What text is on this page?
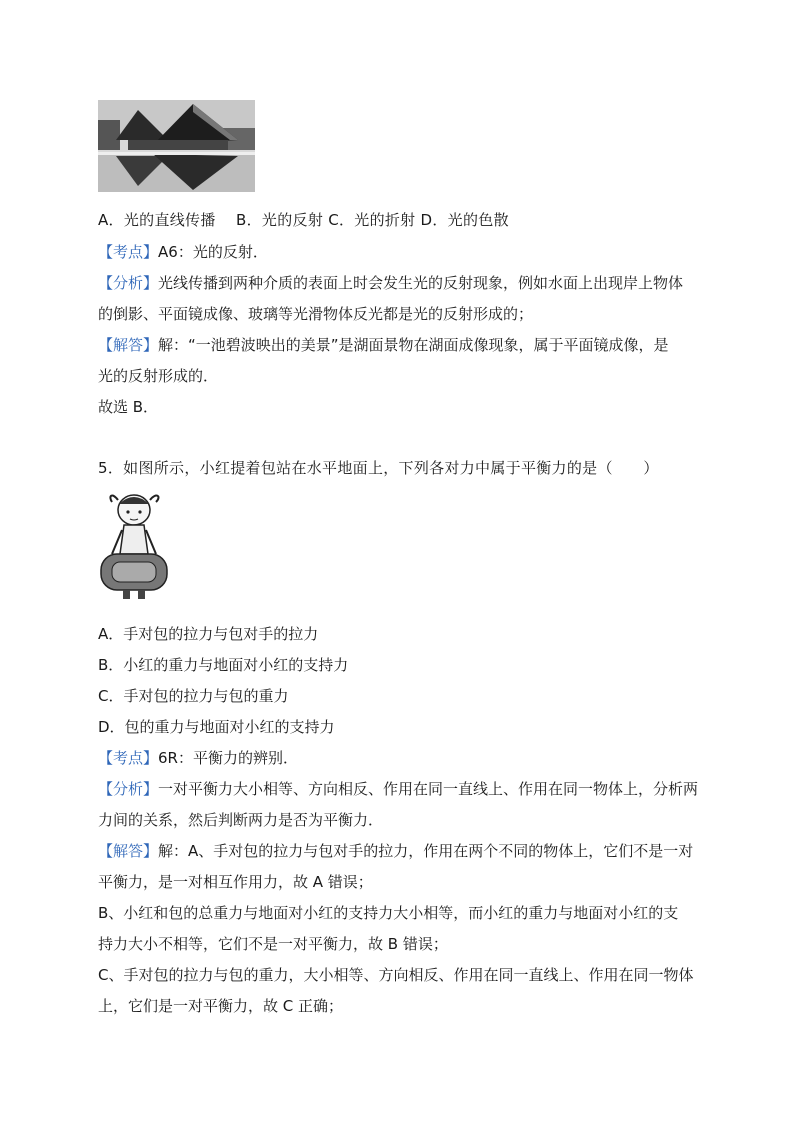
A．光的直线传播　 B．光的反射 C．光的折射 D．光的色散
【考点】A6：光的反射．
【分析】光线传播到两种介质的表面上时会发生光的反射现象，例如水面上出现岸上物体
的倒影、平面镜成像、玻璃等光滑物体反光都是光的反射形成的；
【解答】解：“一池碧波映出的美景”是湖面景物在湖面成像现象，属于平面镜成像，是
光的反射形成的．
故选 B．
5．如图所示，小红提着包站在水平地面上，下列各对力中属于平衡力的是（　　）
A．手对包的拉力与包对手的拉力
B．小红的重力与地面对小红的支持力
C．手对包的拉力与包的重力
D．包的重力与地面对小红的支持力
【考点】6R：平衡力的辨别．
【分析】一对平衡力大小相等、方向相反、作用在同一直线上、作用在同一物体上，分析两
力间的关系，然后判断两力是否为平衡力．
【解答】解：A、手对包的拉力与包对手的拉力，作用在两个不同的物体上，它们不是一对
平衡力，是一对相互作用力，故 A 错误；
B、小红和包的总重力与地面对小红的支持力大小相等，而小红的重力与地面对小红的支
持力大小不相等，它们不是一对平衡力，故 B 错误；
C、手对包的拉力与包的重力，大小相等、方向相反、作用在同一直线上、作用在同一物体
上，它们是一对平衡力，故 C 正确；
